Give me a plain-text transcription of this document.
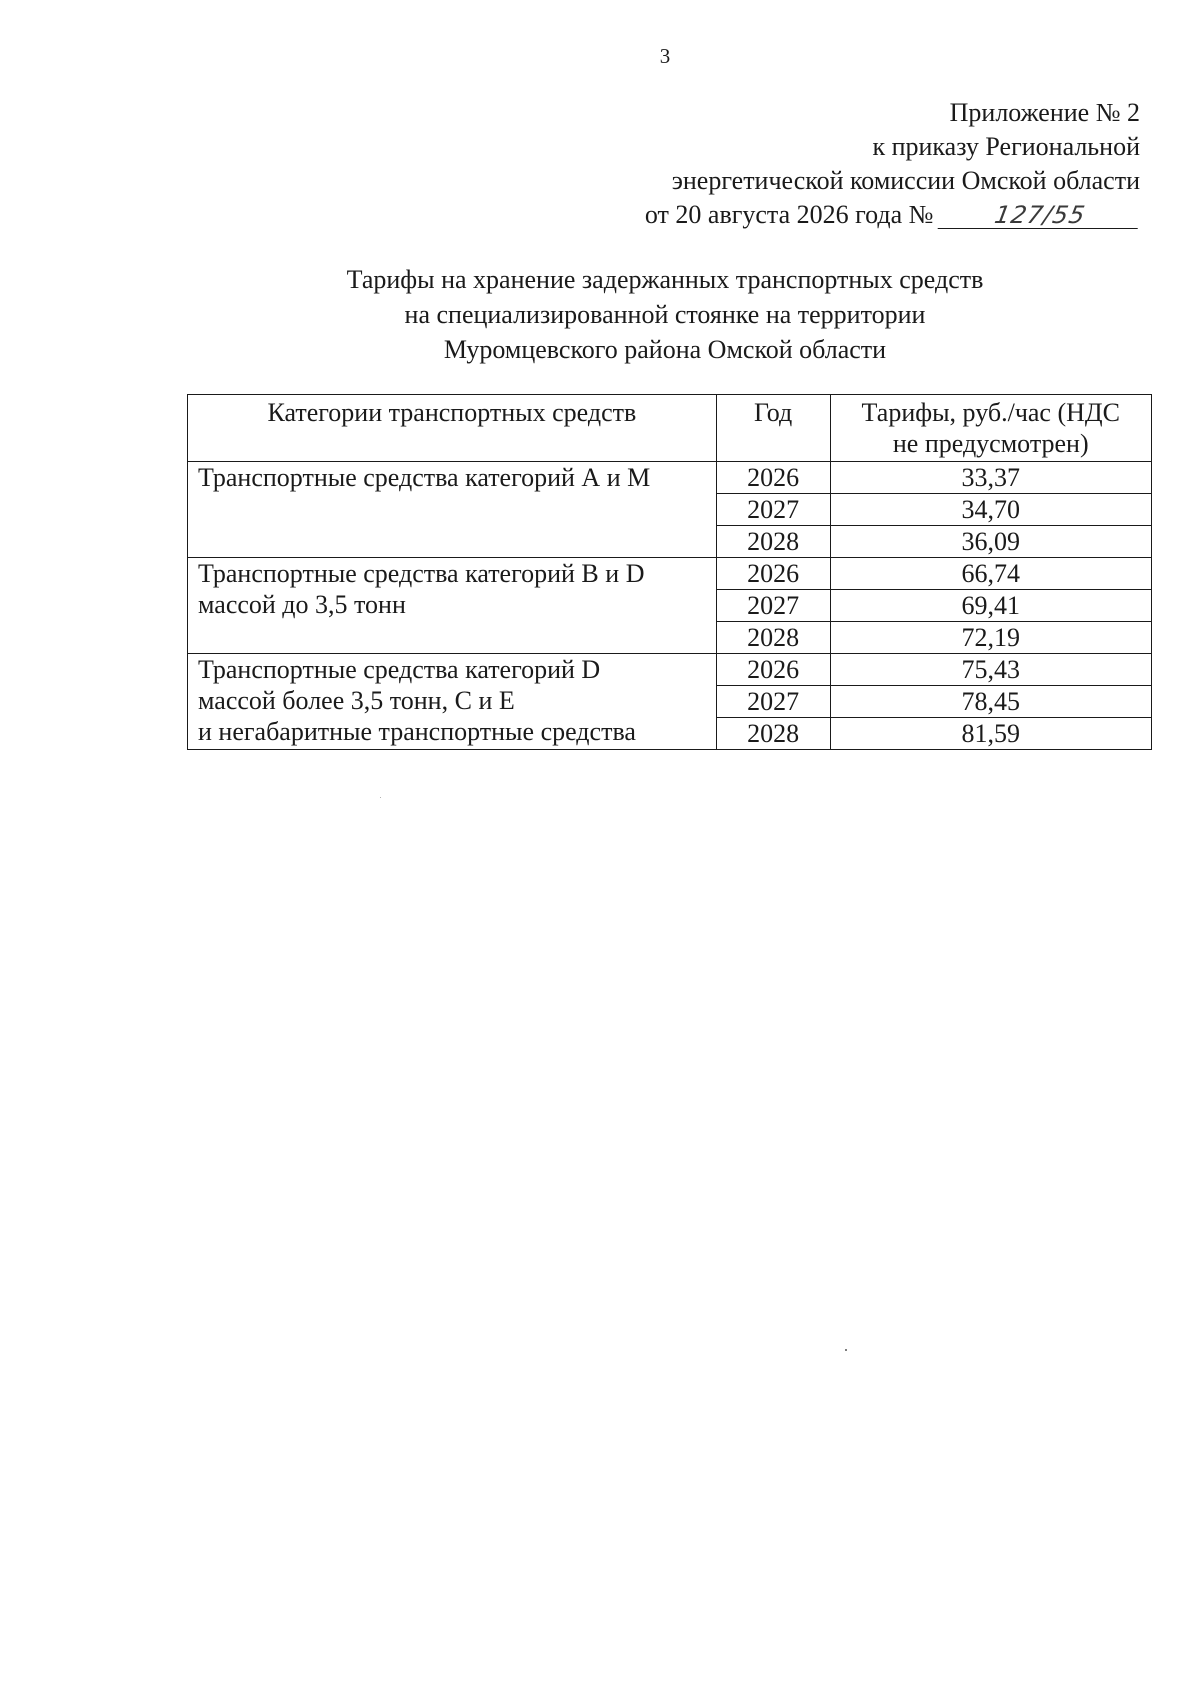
3
Приложение № 2
к приказу Региональной
энергетической комиссии Омской области
от 20 августа 2026 года № 127/55
Тарифы на хранение задержанных транспортных средств
на специализированной стоянке на территории
Муромцевского района Омской области
Категории транспортных средств	Год	Тарифы, руб./час (НДС
не предусмотрен)

Транспортные средства категорий А и М	2026	33,37
	2027	34,70
	2028	36,09

Транспортные средства категорий В и D
массой до 3,5 тонн	2026	66,74
	2027	69,41
	2028	72,19

Транспортные средства категорий D
массой более 3,5 тонн, С и Е
и негабаритные транспортные средства	2026	75,43
	2027	78,45
	2028	81,59
